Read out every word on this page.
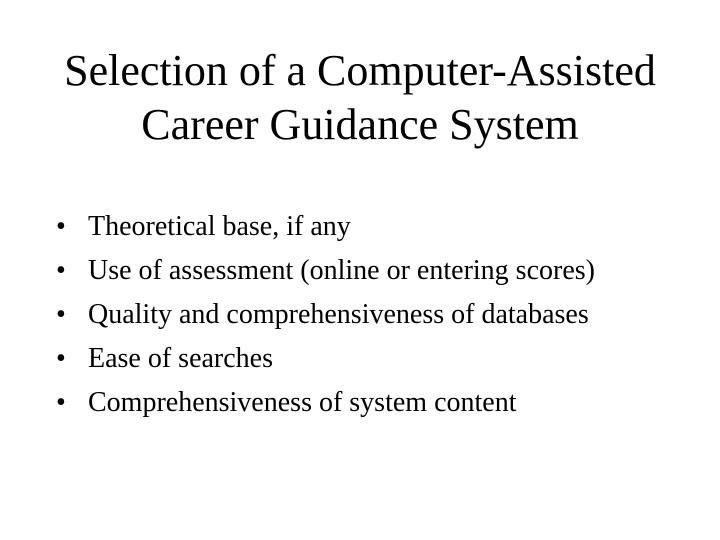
Selection of a Computer-Assisted
Career Guidance System
• Theoretical base, if any
• Use of assessment (online or entering scores)
• Quality and comprehensiveness of databases
• Ease of searches
• Comprehensiveness of system content
